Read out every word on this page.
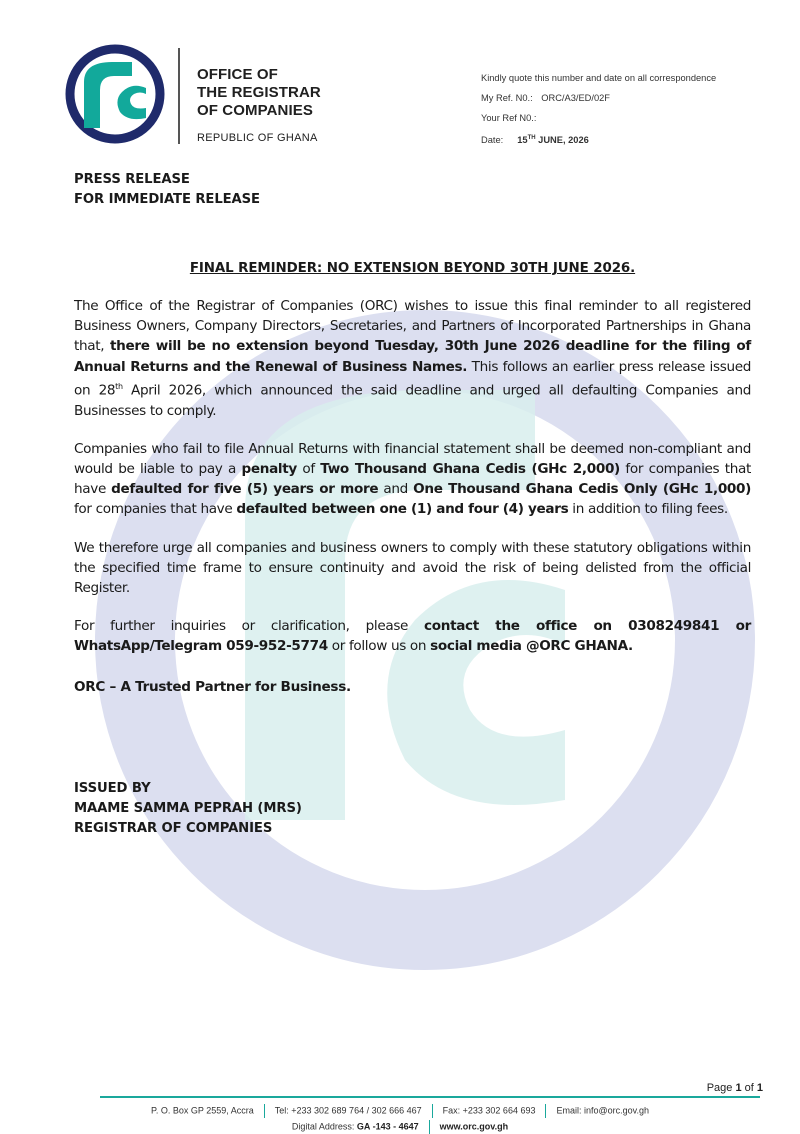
OFFICE OF
THE REGISTRAR
OF COMPANIES
REPUBLIC OF GHANA
Kindly quote this number and date on all correspondence
My Ref. N0.: ORC/A3/ED/02F
Your Ref N0.:
Date: 15TH JUNE, 2026
PRESS RELEASE
FOR IMMEDIATE RELEASE
FINAL REMINDER: NO EXTENSION BEYOND 30TH JUNE 2026.
The Office of the Registrar of Companies (ORC) wishes to issue this final reminder to all registered Business Owners, Company Directors, Secretaries, and Partners of Incorporated Partnerships in Ghana that, there will be no extension beyond Tuesday, 30th June 2026 deadline for the filing of Annual Returns and the Renewal of Business Names. This follows an earlier press release issued on 28th April 2026, which announced the said deadline and urged all defaulting Companies and Businesses to comply.
Companies who fail to file Annual Returns with financial statement shall be deemed non-compliant and would be liable to pay a penalty of Two Thousand Ghana Cedis (GHc 2,000) for companies that have defaulted for five (5) years or more and One Thousand Ghana Cedis Only (GHc 1,000) for companies that have defaulted between one (1) and four (4) years in addition to filing fees.
We therefore urge all companies and business owners to comply with these statutory obligations within the specified time frame to ensure continuity and avoid the risk of being delisted from the official Register.
For further inquiries or clarification, please contact the office on 0308249841 or WhatsApp/Telegram 059-952-5774 or follow us on social media @ORC GHANA.
ORC – A Trusted Partner for Business.
ISSUED BY
MAAME SAMMA PEPRAH (MRS)
REGISTRAR OF COMPANIES
Page 1 of 1
P. O. Box GP 2559, Accra Tel: +233 302 689 764 / 302 666 467 Fax: +233 302 664 693 Email: info@orc.gov.gh
Digital Address: GA -143 - 4647 www.orc.gov.gh
